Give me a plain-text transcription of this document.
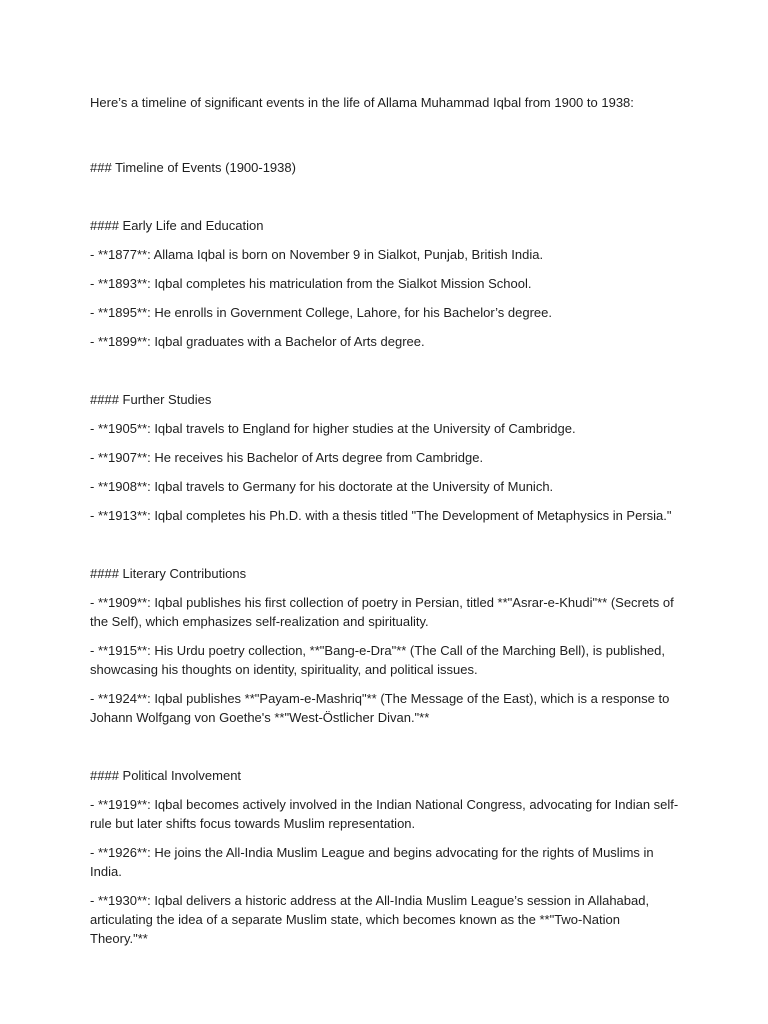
Here’s a timeline of significant events in the life of Allama Muhammad Iqbal from 1900 to 1938:

### Timeline of Events (1900-1938)

#### Early Life and Education

- **1877**: Allama Iqbal is born on November 9 in Sialkot, Punjab, British India.

- **1893**: Iqbal completes his matriculation from the Sialkot Mission School.

- **1895**: He enrolls in Government College, Lahore, for his Bachelor’s degree.

- **1899**: Iqbal graduates with a Bachelor of Arts degree.

#### Further Studies

- **1905**: Iqbal travels to England for higher studies at the University of Cambridge.

- **1907**: He receives his Bachelor of Arts degree from Cambridge.

- **1908**: Iqbal travels to Germany for his doctorate at the University of Munich.

- **1913**: Iqbal completes his Ph.D. with a thesis titled "The Development of Metaphysics in Persia."

#### Literary Contributions

- **1909**: Iqbal publishes his first collection of poetry in Persian, titled **"Asrar-e-Khudi"** (Secrets of the Self), which emphasizes self-realization and spirituality.

- **1915**: His Urdu poetry collection, **"Bang-e-Dra"** (The Call of the Marching Bell), is published, showcasing his thoughts on identity, spirituality, and political issues.

- **1924**: Iqbal publishes **"Payam-e-Mashriq"** (The Message of the East), which is a response to Johann Wolfgang von Goethe's **"West-Östlicher Divan."**

#### Political Involvement

- **1919**: Iqbal becomes actively involved in the Indian National Congress, advocating for Indian self-rule but later shifts focus towards Muslim representation.

- **1926**: He joins the All-India Muslim League and begins advocating for the rights of Muslims in India.

- **1930**: Iqbal delivers a historic address at the All-India Muslim League’s session in Allahabad, articulating the idea of a separate Muslim state, which becomes known as the **"Two-Nation Theory."**
